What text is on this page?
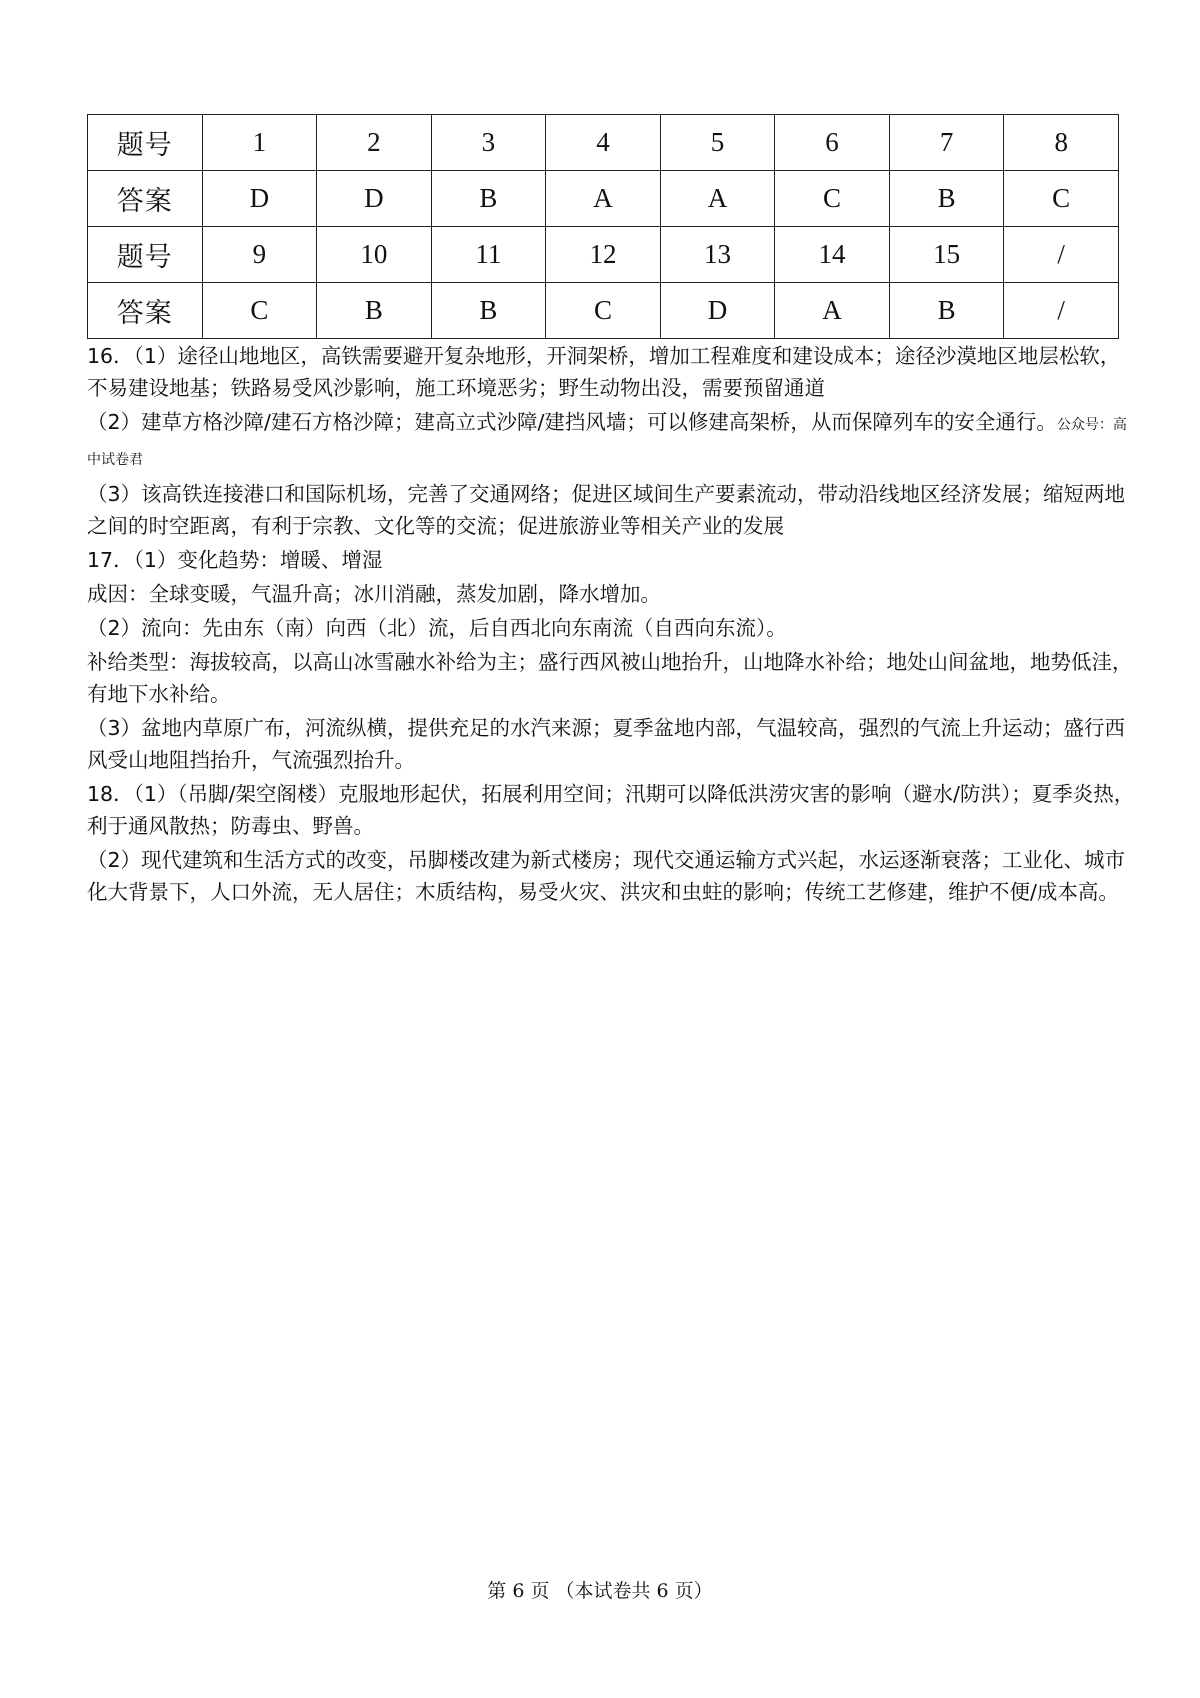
题号	1	2	3	4	5	6	7	8
答案	D	D	B	A	A	C	B	C
题号	9	10	11	12	13	14	15	/
答案	C	B	B	C	D	A	B	/

16．（1）途径山地地区，高铁需要避开复杂地形，开洞架桥，增加工程难度和建设成本；途径沙漠地区地层松软，不易建设地基；铁路易受风沙影响，施工环境恶劣；野生动物出没，需要预留通道

（2）建草方格沙障/建石方格沙障；建高立式沙障/建挡风墙；可以修建高架桥，从而保障列车的安全通行。公众号：高中试卷君

（3）该高铁连接港口和国际机场，完善了交通网络；促进区域间生产要素流动，带动沿线地区经济发展；缩短两地之间的时空距离，有利于宗教、文化等的交流；促进旅游业等相关产业的发展

17．（1）变化趋势：增暖、增湿

成因：全球变暖，气温升高；冰川消融，蒸发加剧，降水增加。

（2）流向：先由东（南）向西（北）流，后自西北向东南流（自西向东流）。

补给类型：海拔较高，以高山冰雪融水补给为主；盛行西风被山地抬升，山地降水补给；地处山间盆地，地势低洼，有地下水补给。

（3）盆地内草原广布，河流纵横，提供充足的水汽来源；夏季盆地内部，气温较高，强烈的气流上升运动；盛行西风受山地阻挡抬升，气流强烈抬升。

18．（1）（吊脚/架空阁楼）克服地形起伏，拓展利用空间；汛期可以降低洪涝灾害的影响（避水/防洪）；夏季炎热，利于通风散热；防毒虫、野兽。

（2）现代建筑和生活方式的改变，吊脚楼改建为新式楼房；现代交通运输方式兴起，水运逐渐衰落；工业化、城市化大背景下，人口外流，无人居住；木质结构，易受火灾、洪灾和虫蛀的影响；传统工艺修建，维护不便/成本高。

第 6 页 （本试卷共 6 页）
